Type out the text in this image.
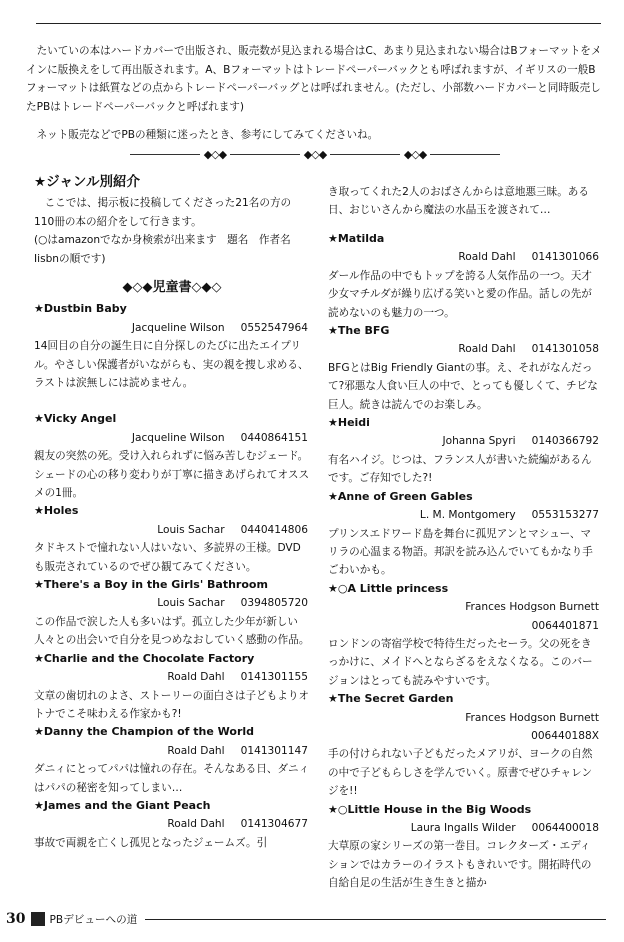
たいていの本はハードカバーで出版され、販売数が見込まれる場合はC、あまり見込まれない場合はBフォーマットをメインに版換えをして再出版されます。A、Bフォーマットはトレードペーパーバックとも呼ばれますが、イギリスの一般Bフォーマットは紙質などの点からトレードペーパーバッグとは呼ばれません。(ただし、小部数ハードカバーと同時販売したPBはトレードペーパーバックと呼ばれます)

ネット販売などでPBの種類に迷ったとき、参考にしてみてくださいね。

◆◇◆	◆◇◆	◆◇◆
★ジャンル別紹介

ここでは、掲示板に投稿してくださった21名の方の110冊の本の紹介をして行きます。

(○はamazonでなか身検索が出来ます　題名　作者名　Iisbnの順です)

◆◇◆児童書◇◆◇
★Dustbin Baby
Jacqueline Wilson 0552547964
14回目の自分の誕生日に自分探しのたびに出たエイプリル。やさしい保護者がいながらも、実の親を捜し求める、ラストは涙無しには読めません。
★Vicky Angel
Jacqueline Wilson 0440864151
親友の突然の死。受け入れられずに悩み苦しむジェード。シェードの心の移り変わりが丁寧に描きあげられてオススメの1冊。
★Holes
Louis Sachar 0440414806
タドキストで憧れない人はいない、多読界の王様。DVDも販売されているのでぜひ観てみてください。
★There's a Boy in the Girls' Bathroom
Louis Sachar 0394805720
この作品で涙した人も多いはず。孤立した少年が新しい人々との出会いで自分を見つめなおしていく感動の作品。
★Charlie and the Chocolate Factory
Roald Dahl 0141301155
文章の歯切れのよさ、ストーリーの面白さは子どもよりオトナでこそ味わえる作家かも?!
★Danny the Champion of the World
Roald Dahl 0141301147
ダニィにとってパパは憧れの存在。そんなある日、ダニィはパパの秘密を知ってしまい…
★James and the Giant Peach
Roald Dahl 0141304677
事故で両親を亡くし孤児となったジェームズ。引

き取ってくれた2人のおばさんからは意地悪三昧。ある日、おじいさんから魔法の水晶玉を渡されて…

★Matilda
Roald Dahl 0141301066
ダール作品の中でもトップを誇る人気作品の一つ。天才少女マチルダが繰り広げる笑いと愛の作品。話しの先が読めないのも魅力の一つ。
★The BFG
Roald Dahl 0141301058
BFGとはBig Friendly Giantの事。え、それがなんだって?邪悪な人食い巨人の中で、とっても優しくて、チビな巨人。続きは読んでのお楽しみ。
★Heidi
Johanna Spyri 0140366792
有名ハイジ。じつは、フランス人が書いた続編があるんです。ご存知でした?!
★Anne of Green Gables
L. M. Montgomery 0553153277
プリンスエドワード島を舞台に孤児アンとマシュー、マリラの心温まる物語。邦訳を読み込んでいてもかなり手ごわいかも。
★○A Little princess
Frances Hodgson Burnett
0064401871
ロンドンの寄宿学校で特待生だったセーラ。父の死をきっかけに、メイドへとならざるをえなくなる。このバージョンはとっても読みやすいです。
★The Secret Garden
Frances Hodgson Burnett
006440188X
手の付けられない子どもだったメアリが、ヨークの自然の中で子どもらしさを学んでいく。原書でぜひチャレンジを!!
★○Little House in the Big Woods
Laura Ingalls Wilder 0064400018
大草原の家シリーズの第一巻目。コレクターズ・エディションではカラーのイラストもきれいです。開拓時代の自給自足の生活が生き生きと描か
30 PBデビューへの道
